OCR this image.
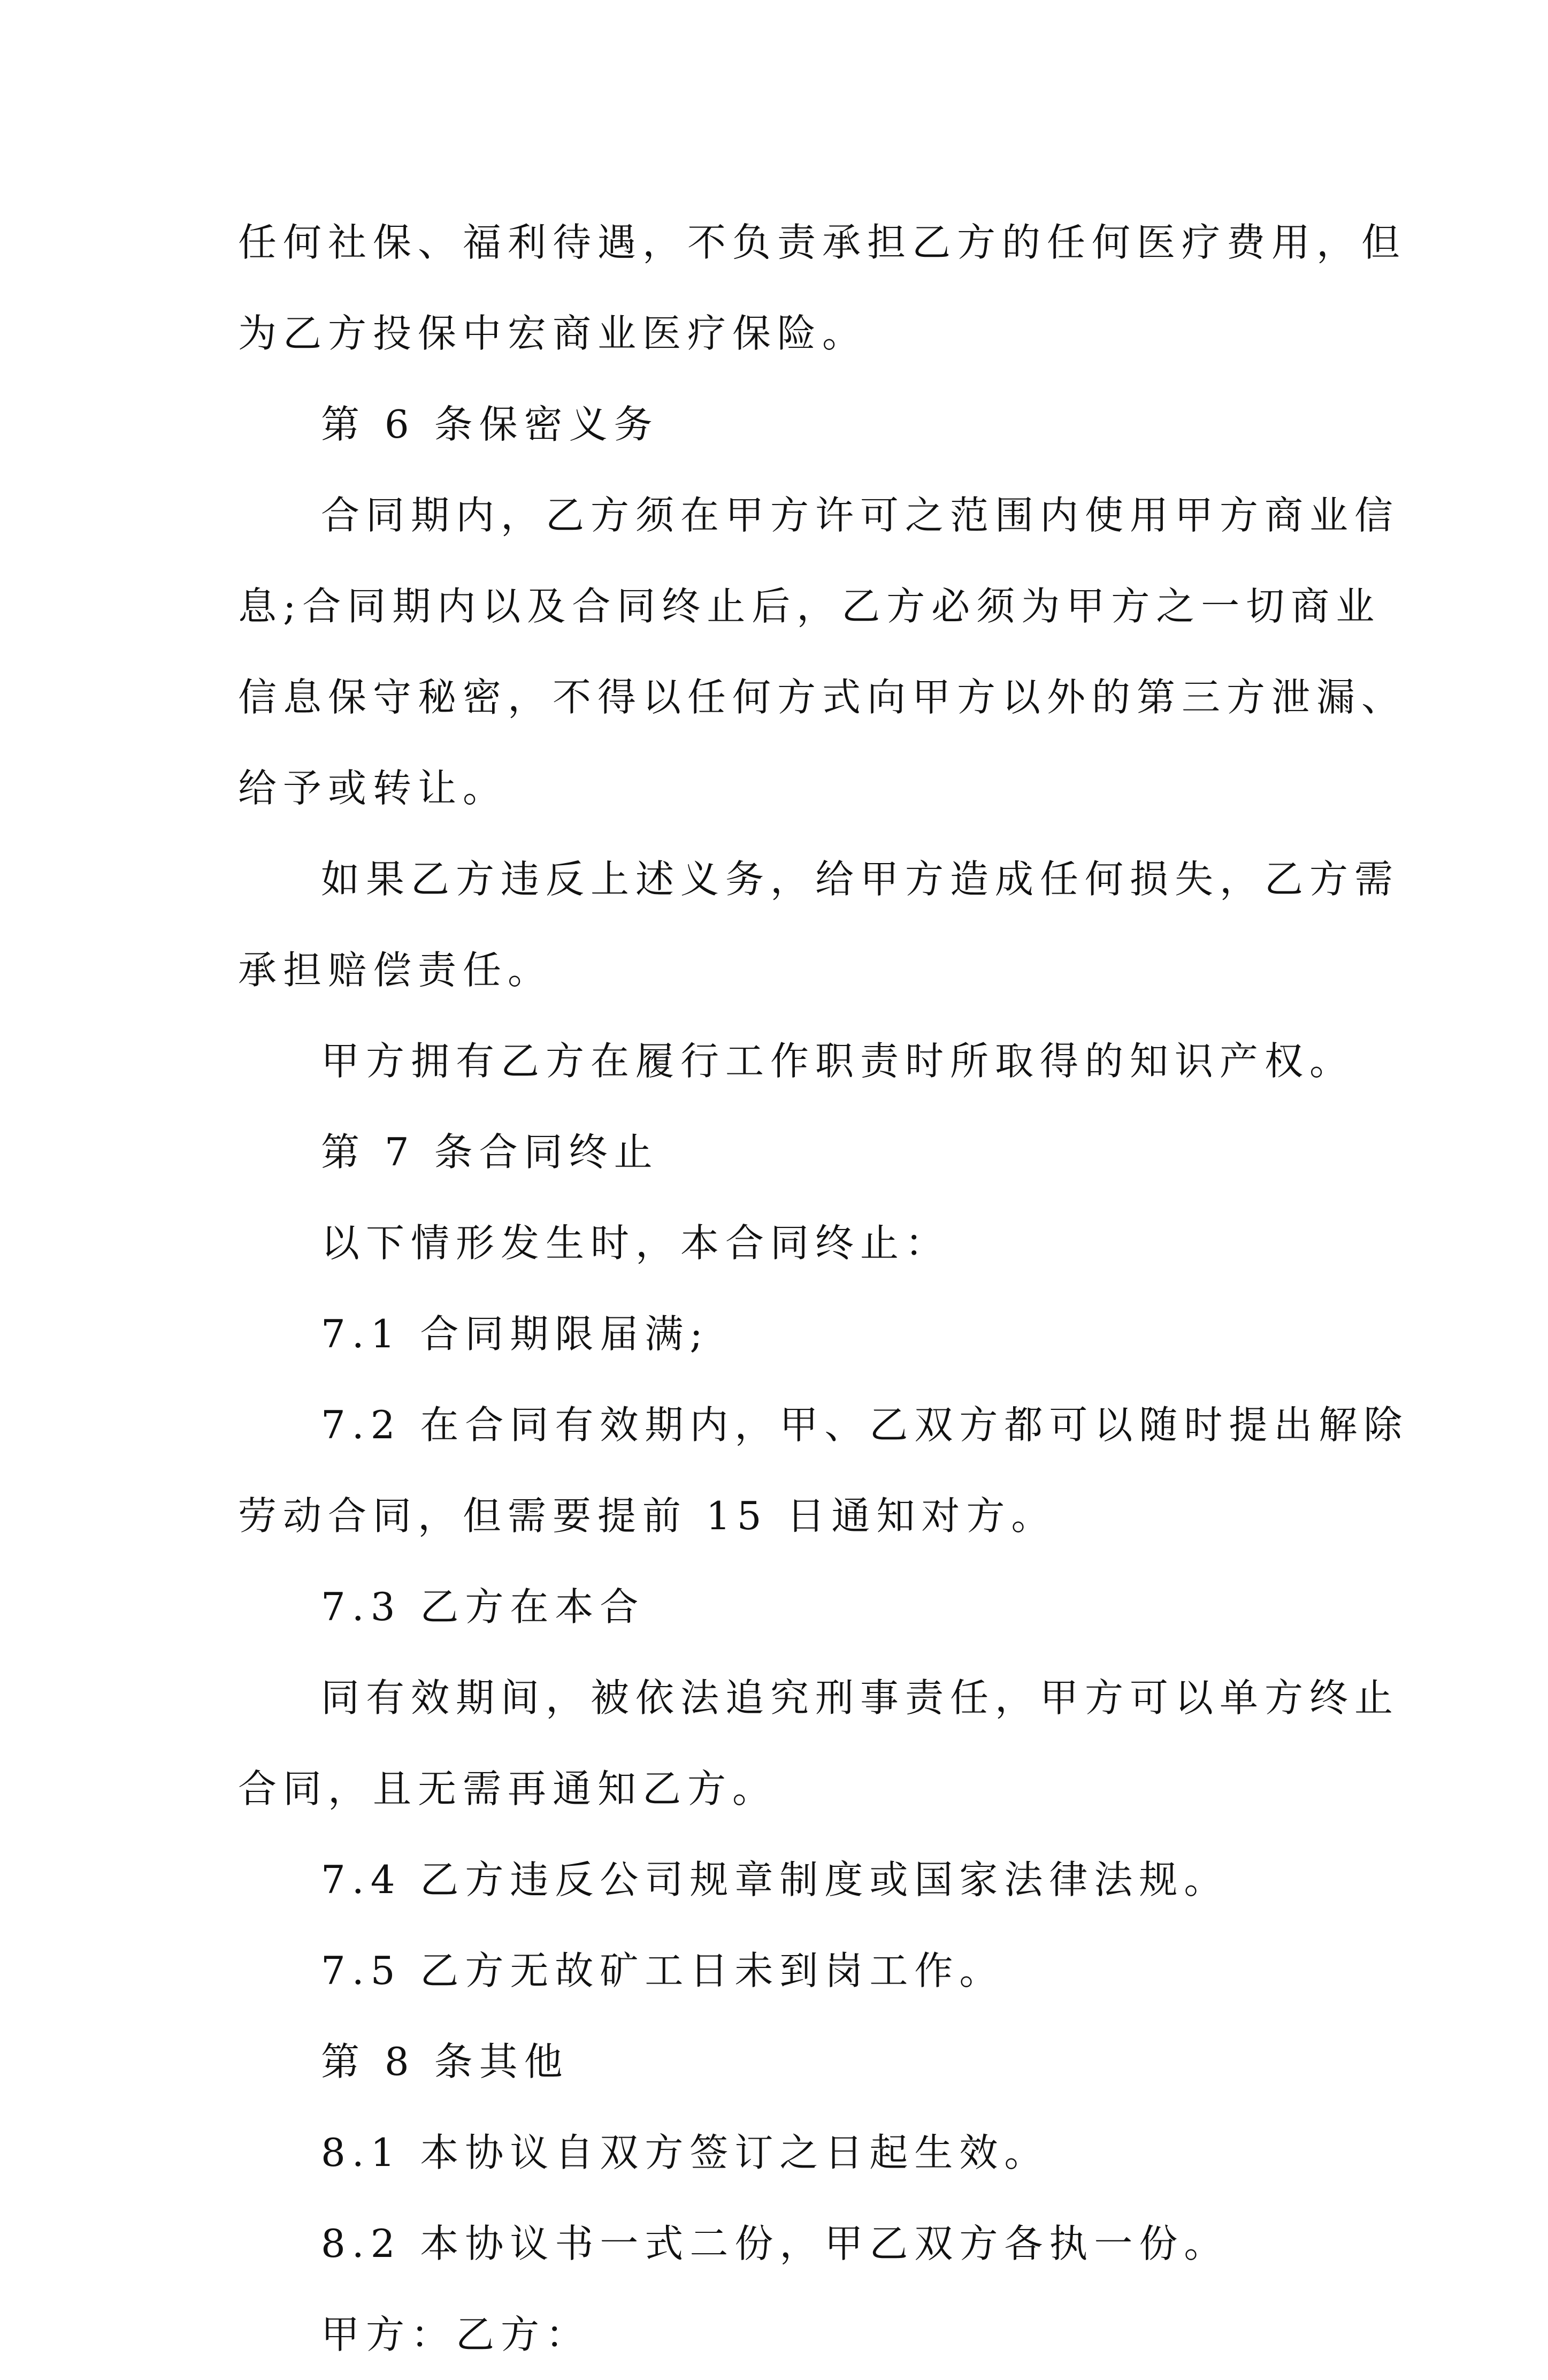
任何社保、福利待遇，不负责承担乙方的任何医疗费用，但
为乙方投保中宏商业医疗保险。
第 6 条保密义务
合同期内，乙方须在甲方许可之范围内使用甲方商业信
息;合同期内以及合同终止后，乙方必须为甲方之一切商业
信息保守秘密，不得以任何方式向甲方以外的第三方泄漏、
给予或转让。
如果乙方违反上述义务，给甲方造成任何损失，乙方需
承担赔偿责任。
甲方拥有乙方在履行工作职责时所取得的知识产权。
第 7 条合同终止
以下情形发生时，本合同终止：
7.1 合同期限届满;
7.2 在合同有效期内，甲、乙双方都可以随时提出解除
劳动合同，但需要提前 15 日通知对方。
7.3 乙方在本合
同有效期间，被依法追究刑事责任，甲方可以单方终止
合同，且无需再通知乙方。
7.4 乙方违反公司规章制度或国家法律法规。
7.5 乙方无故矿工日未到岗工作。
第 8 条其他
8.1 本协议自双方签订之日起生效。
8.2 本协议书一式二份，甲乙双方各执一份。
甲方：乙方：
